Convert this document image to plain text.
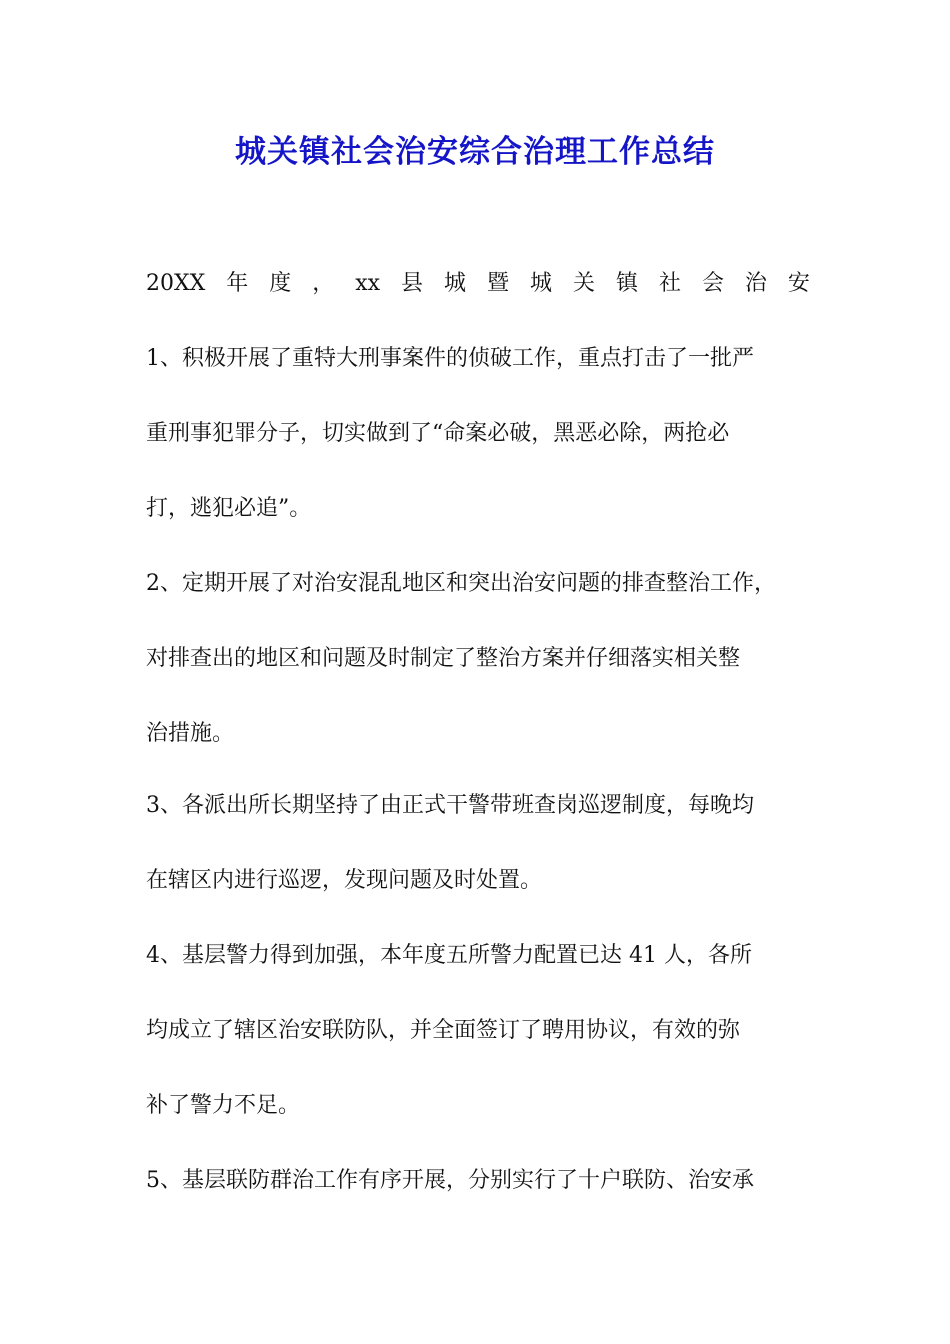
城关镇社会治安综合治理工作总结
20XX 年 度 ， xx 县 城 暨 城 关 镇 社 会 治 安

1、积极开展了重特大刑事案件的侦破工作，重点打击了一批严

重刑事犯罪分子，切实做到了“命案必破，黑恶必除，两抢必

打，逃犯必追”。

2、定期开展了对治安混乱地区和突出治安问题的排查整治工作，

对排查出的地区和问题及时制定了整治方案并仔细落实相关整

治措施。

3、各派出所长期坚持了由正式干警带班查岗巡逻制度，每晚均

在辖区内进行巡逻，发现问题及时处置。

4、基层警力得到加强，本年度五所警力配置已达 41 人，各所

均成立了辖区治安联防队，并全面签订了聘用协议，有效的弥

补了警力不足。

5、基层联防群治工作有序开展，分别实行了十户联防、治安承
